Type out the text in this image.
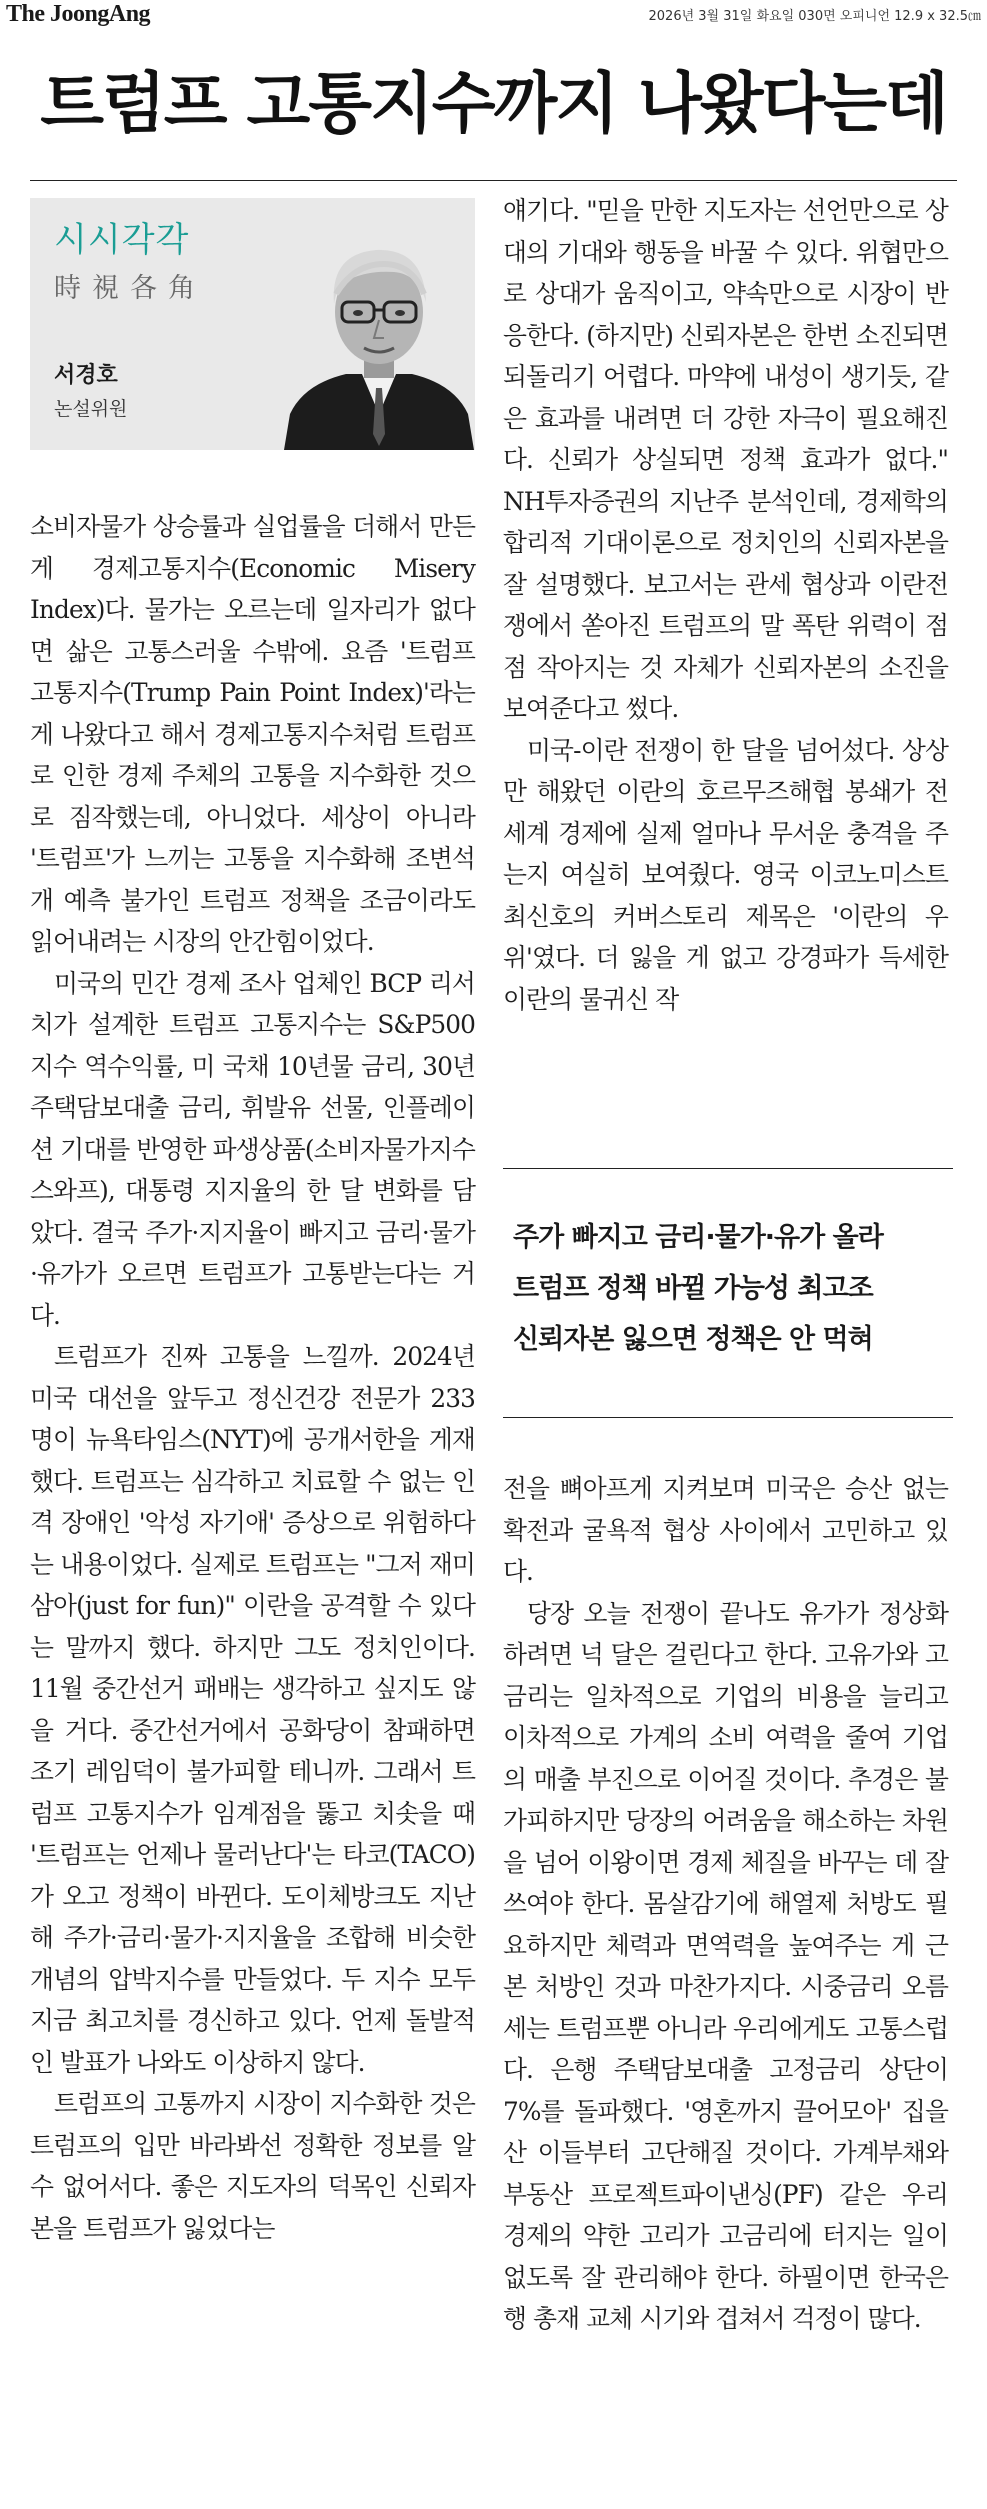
The JoongAng	2026년 3월 31일 화요일 030면 오피니언 12.9 x 32.5㎝
트럼프 고통지수까지 나왔다는데
시시각각
時視各角
서경호
논설위원

소비자물가 상승률과 실업률을 더해서 만든 게 경제고통지수(Economic Misery Index)다. 물가는 오르는데 일자리가 없다면 삶은 고통스러울 수밖에. 요즘 '트럼프 고통지수(Trump Pain Point Index)'라는 게 나왔다고 해서 경제고통지수처럼 트럼프로 인한 경제 주체의 고통을 지수화한 것으로 짐작했는데, 아니었다. 세상이 아니라 '트럼프'가 느끼는 고통을 지수화해 조변석개 예측 불가인 트럼프 정책을 조금이라도 읽어내려는 시장의 안간힘이었다.

미국의 민간 경제 조사 업체인 BCP 리서치가 설계한 트럼프 고통지수는 S&P500 지수 역수익률, 미 국채 10년물 금리, 30년 주택담보대출 금리, 휘발유 선물, 인플레이션 기대를 반영한 파생상품(소비자물가지수 스와프), 대통령 지지율의 한 달 변화를 담았다. 결국 주가·지지율이 빠지고 금리·물가·유가가 오르면 트럼프가 고통받는다는 거다.

트럼프가 진짜 고통을 느낄까. 2024년 미국 대선을 앞두고 정신건강 전문가 233명이 뉴욕타임스(NYT)에 공개서한을 게재했다. 트럼프는 심각하고 치료할 수 없는 인격 장애인 '악성 자기애' 증상으로 위험하다는 내용이었다. 실제로 트럼프는 "그저 재미 삼아(just for fun)" 이란을 공격할 수 있다는 말까지 했다. 하지만 그도 정치인이다. 11월 중간선거 패배는 생각하고 싶지도 않을 거다. 중간선거에서 공화당이 참패하면 조기 레임덕이 불가피할 테니까. 그래서 트럼프 고통지수가 임계점을 뚫고 치솟을 때 '트럼프는 언제나 물러난다'는 타코(TACO)가 오고 정책이 바뀐다. 도이체방크도 지난해 주가·금리·물가·지지율을 조합해 비슷한 개념의 압박지수를 만들었다. 두 지수 모두 지금 최고치를 경신하고 있다. 언제 돌발적인 발표가 나와도 이상하지 않다.

트럼프의 고통까지 시장이 지수화한 것은 트럼프의 입만 바라봐선 정확한 정보를 알 수 없어서다. 좋은 지도자의 덕목인 신뢰자본을 트럼프가 잃었다는

얘기다. "믿을 만한 지도자는 선언만으로 상대의 기대와 행동을 바꿀 수 있다. 위협만으로 상대가 움직이고, 약속만으로 시장이 반응한다. (하지만) 신뢰자본은 한번 소진되면 되돌리기 어렵다. 마약에 내성이 생기듯, 같은 효과를 내려면 더 강한 자극이 필요해진다. 신뢰가 상실되면 정책 효과가 없다." NH투자증권의 지난주 분석인데, 경제학의 합리적 기대이론으로 정치인의 신뢰자본을 잘 설명했다. 보고서는 관세 협상과 이란전쟁에서 쏟아진 트럼프의 말 폭탄 위력이 점점 작아지는 것 자체가 신뢰자본의 소진을 보여준다고 썼다.

미국-이란 전쟁이 한 달을 넘어섰다. 상상만 해왔던 이란의 호르무즈해협 봉쇄가 전 세계 경제에 실제 얼마나 무서운 충격을 주는지 여실히 보여줬다. 영국 이코노미스트 최신호의 커버스토리 제목은 '이란의 우위'였다. 더 잃을 게 없고 강경파가 득세한 이란의 물귀신 작

주가 빠지고 금리·물가·유가 올라
트럼프 정책 바뀔 가능성 최고조
신뢰자본 잃으면 정책은 안 먹혀

전을 뼈아프게 지켜보며 미국은 승산 없는 확전과 굴욕적 협상 사이에서 고민하고 있다.

당장 오늘 전쟁이 끝나도 유가가 정상화하려면 넉 달은 걸린다고 한다. 고유가와 고금리는 일차적으로 기업의 비용을 늘리고 이차적으로 가계의 소비 여력을 줄여 기업의 매출 부진으로 이어질 것이다. 추경은 불가피하지만 당장의 어려움을 해소하는 차원을 넘어 이왕이면 경제 체질을 바꾸는 데 잘 쓰여야 한다. 몸살감기에 해열제 처방도 필요하지만 체력과 면역력을 높여주는 게 근본 처방인 것과 마찬가지다. 시중금리 오름세는 트럼프뿐 아니라 우리에게도 고통스럽다. 은행 주택담보대출 고정금리 상단이 7%를 돌파했다. '영혼까지 끌어모아' 집을 산 이들부터 고단해질 것이다. 가계부채와 부동산 프로젝트파이낸싱(PF) 같은 우리 경제의 약한 고리가 고금리에 터지는 일이 없도록 잘 관리해야 한다. 하필이면 한국은행 총재 교체 시기와 겹쳐서 걱정이 많다.
